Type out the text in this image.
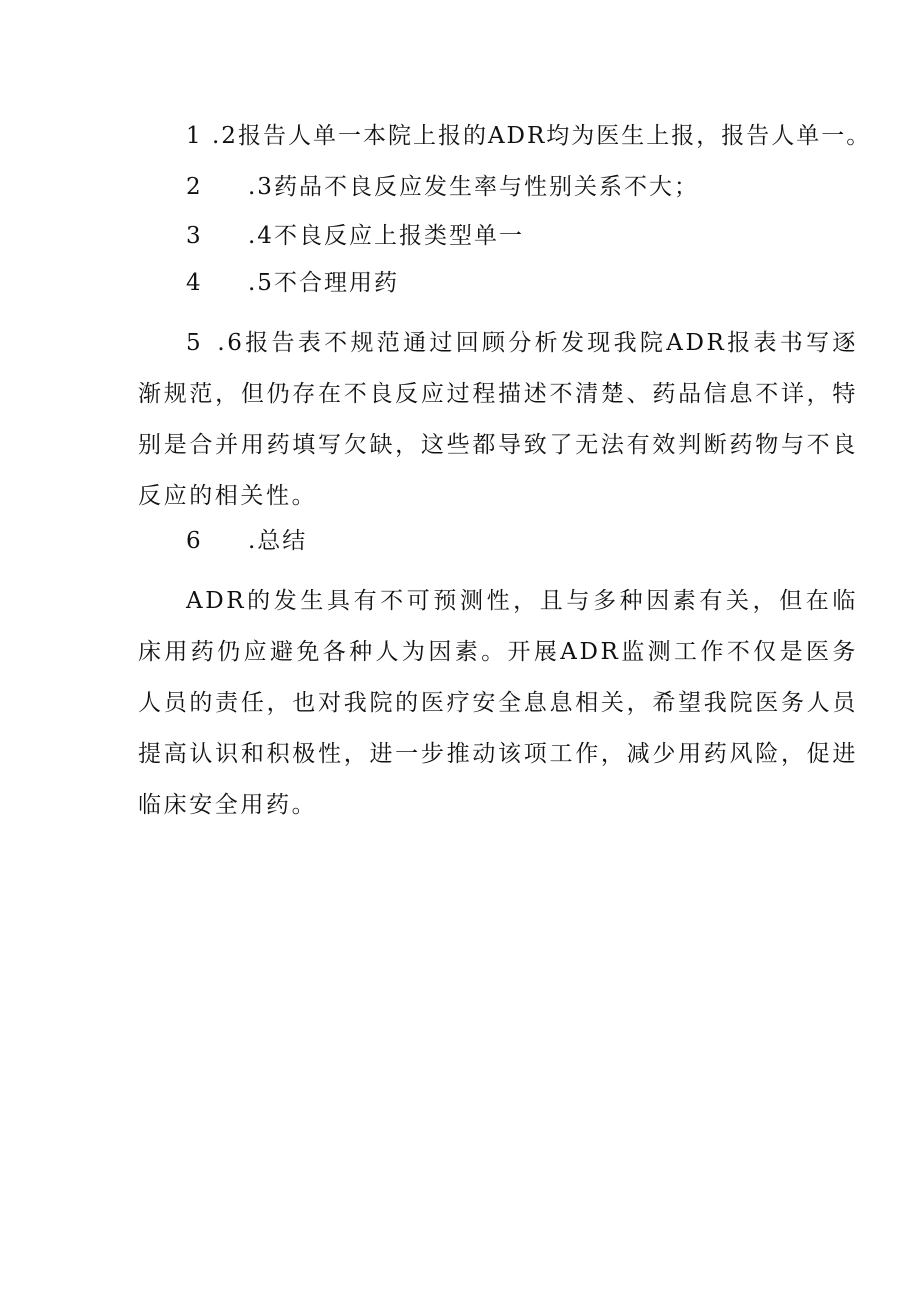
1 .2报告人单一本院上报的ADR均为医生上报，报告人单一。
2 .3药品不良反应发生率与性别关系不大；
3 .4不良反应上报类型单一
4 .5不合理用药
5  .6报告表不规范通过回顾分析发现我院ADR报表书写逐渐规范，但仍存在不良反应过程描述不清楚、药品信息不详，特别是合并用药填写欠缺，这些都导致了无法有效判断药物与不良反应的相关性。
6 .总结
ADR的发生具有不可预测性，且与多种因素有关，但在临床用药仍应避免各种人为因素。开展ADR监测工作不仅是医务人员的责任，也对我院的医疗安全息息相关，希望我院医务人员提高认识和积极性，进一步推动该项工作，减少用药风险，促进临床安全用药。
